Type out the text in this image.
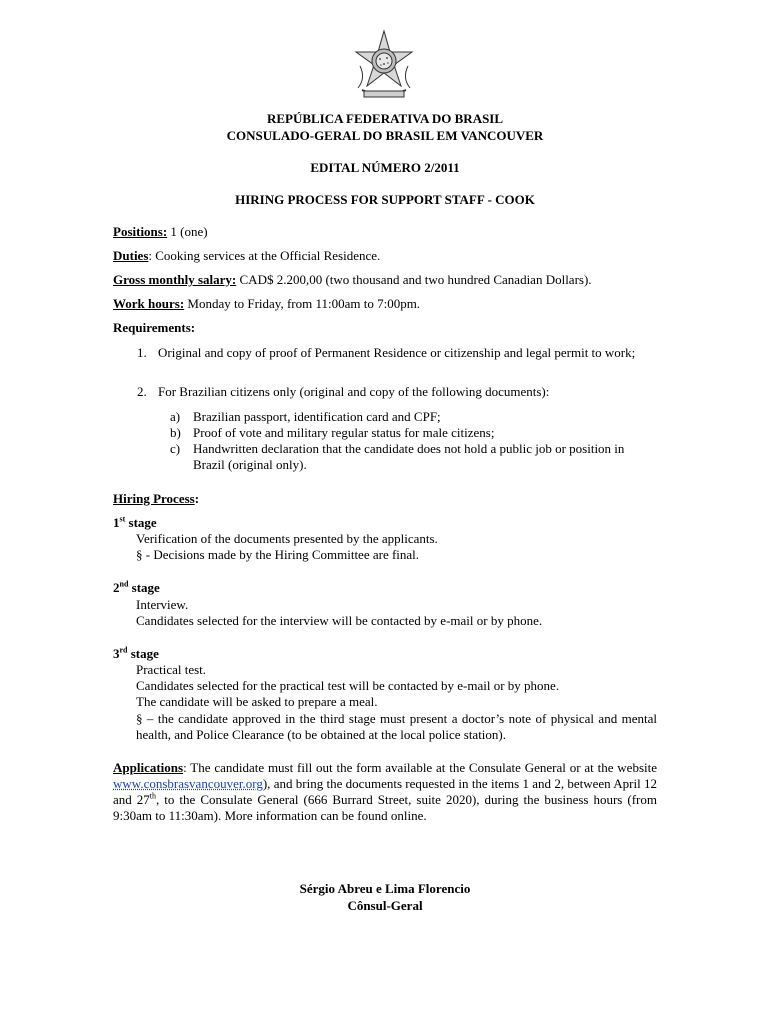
REPÚBLICA FEDERATIVA DO BRASIL
CONSULADO-GERAL DO BRASIL EM VANCOUVER
EDITAL NÚMERO 2/2011
HIRING PROCESS FOR SUPPORT STAFF - COOK
Positions: 1 (one)
Duties: Cooking services at the Official Residence.
Gross monthly salary: CAD$ 2.200,00 (two thousand and two hundred Canadian Dollars).
Work hours: Monday to Friday, from 11:00am to 7:00pm.
Requirements:
1. Original and copy of proof of Permanent Residence or citizenship and legal permit to work;
2. For Brazilian citizens only (original and copy of the following documents):
a) Brazilian passport, identification card and CPF;
b) Proof of vote and military regular status for male citizens;
c) Handwritten declaration that the candidate does not hold a public job or position in Brazil (original only).
Hiring Process:
1st stage
Verification of the documents presented by the applicants.
§ - Decisions made by the Hiring Committee are final.
2nd stage
Interview.
Candidates selected for the interview will be contacted by e-mail or by phone.
3rd stage
Practical test.
Candidates selected for the practical test will be contacted by e-mail or by phone.
The candidate will be asked to prepare a meal.
§ – the candidate approved in the third stage must present a doctor’s note of physical and mental health, and Police Clearance (to be obtained at the local police station).
Applications: The candidate must fill out the form available at the Consulate General or at the website www.consbrasvancouver.org), and bring the documents requested in the items 1 and 2, between April 12 and 27th, to the Consulate General (666 Burrard Street, suite 2020), during the business hours (from 9:30am to 11:30am). More information can be found online.
Sérgio Abreu e Lima Florencio
Cônsul-Geral
